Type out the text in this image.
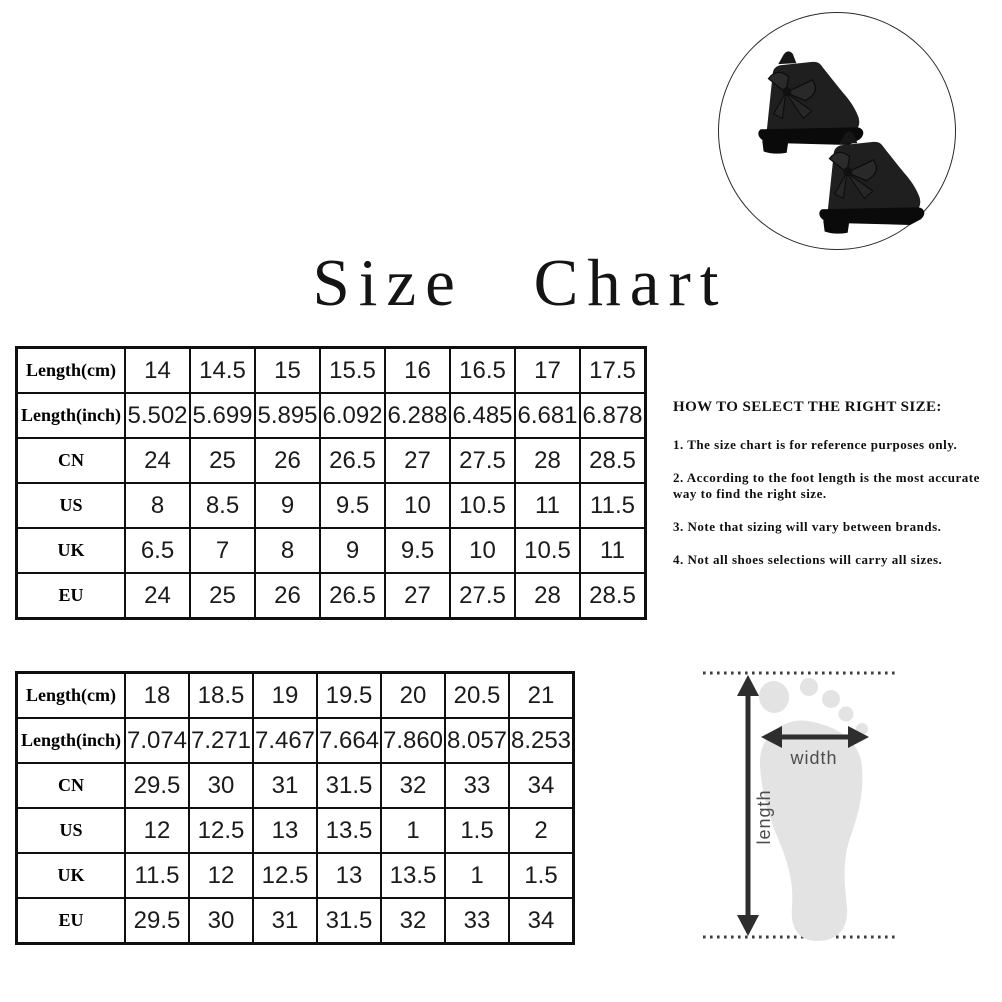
Size Chart
Length(cm)	14	14.5	15	15.5	16	16.5	17	17.5
Length(inch)	5.502	5.699	5.895	6.092	6.288	6.485	6.681	6.878
CN	24	25	26	26.5	27	27.5	28	28.5
US	8	8.5	9	9.5	10	10.5	11	11.5
UK	6.5	7	8	9	9.5	10	10.5	11
EU	24	25	26	26.5	27	27.5	28	28.5
Length(cm)	18	18.5	19	19.5	20	20.5	21
Length(inch)	7.074	7.271	7.467	7.664	7.860	8.057	8.253
CN	29.5	30	31	31.5	32	33	34
US	12	12.5	13	13.5	1	1.5	2
UK	11.5	12	12.5	13	13.5	1	1.5
EU	29.5	30	31	31.5	32	33	34

HOW TO SELECT THE RIGHT SIZE:

1. The size chart is for reference purposes only.

2. According to the foot length is the most accurate way to find the right size.

3. Note that sizing will vary between brands.

4. Not all shoes selections will carry all sizes.

width
length
